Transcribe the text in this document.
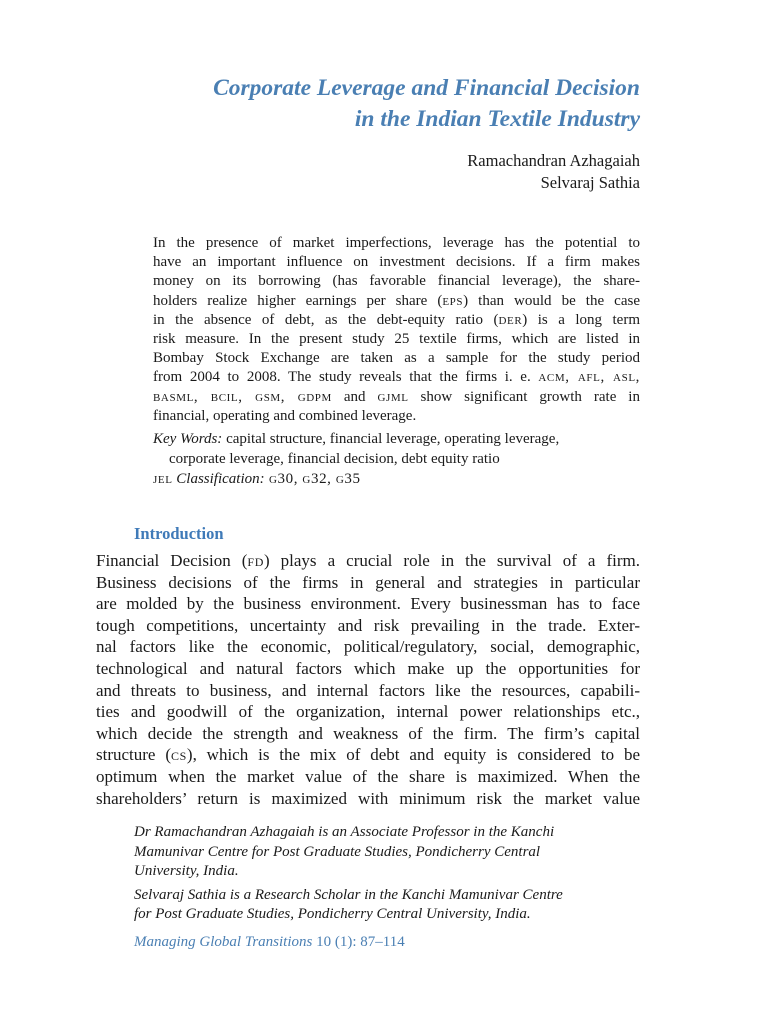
Corporate Leverage and Financial Decision
in the Indian Textile Industry
Ramachandran Azhagaiah
Selvaraj Sathia

In the presence of market imperfections, leverage has the potential to
have an important influence on investment decisions. If a firm makes
money on its borrowing (has favorable financial leverage), the share-
holders realize higher earnings per share (eps) than would be the case
in the absence of debt, as the debt-equity ratio (der) is a long term
risk measure. In the present study 25 textile firms, which are listed in
Bombay Stock Exchange are taken as a sample for the study period
from 2004 to 2008. The study reveals that the firms i. e. acm, afl, asl,
basml, bcil, gsm, gdpm and gjml show significant growth rate in
financial, operating and combined leverage.

Key Words: capital structure, financial leverage, operating leverage,
corporate leverage, financial decision, debt equity ratio
jel Classification: g30, g32, g35
Introduction

Financial Decision (fd) plays a crucial role in the survival of a firm.
Business decisions of the firms in general and strategies in particular
are molded by the business environment. Every businessman has to face
tough competitions, uncertainty and risk prevailing in the trade. Exter-
nal factors like the economic, political/regulatory, social, demographic,
technological and natural factors which make up the opportunities for
and threats to business, and internal factors like the resources, capabili-
ties and goodwill of the organization, internal power relationships etc.,
which decide the strength and weakness of the firm. The firm’s capital
structure (cs), which is the mix of debt and equity is considered to be
optimum when the market value of the share is maximized. When the
shareholders’ return is maximized with minimum risk the market value

Dr Ramachandran Azhagaiah is an Associate Professor in the Kanchi
Mamunivar Centre for Post Graduate Studies, Pondicherry Central
University, India.
Selvaraj Sathia is a Research Scholar in the Kanchi Mamunivar Centre
for Post Graduate Studies, Pondicherry Central University, India.
Managing Global Transitions 10 (1): 87–114
